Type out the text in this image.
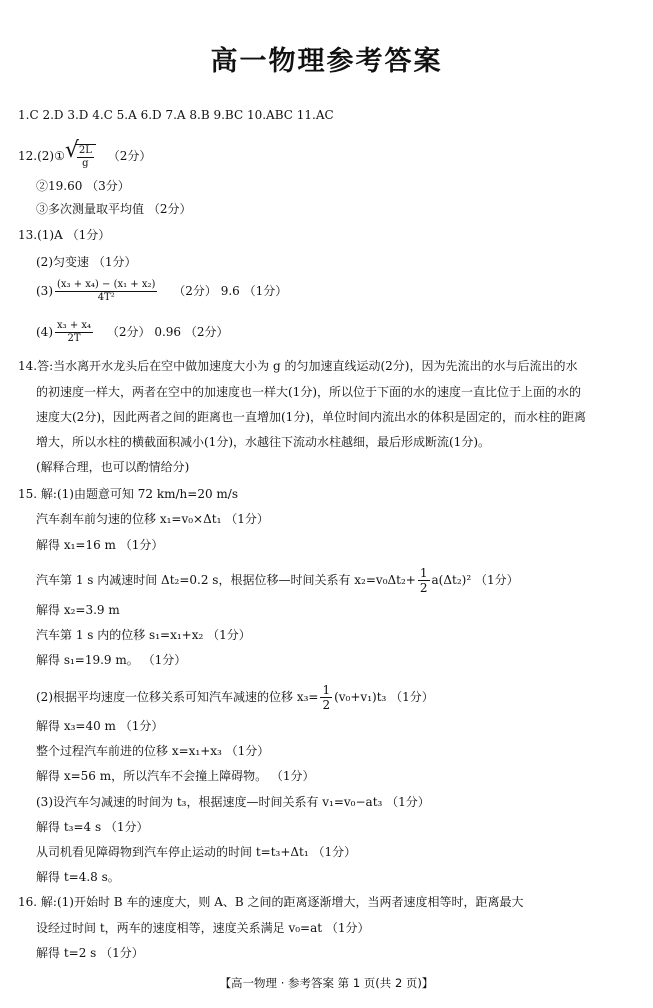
高一物理参考答案
1.C 2.D 3.D 4.C 5.A 6.D 7.A 8.B 9.BC 10.ABC 11.AC
12.(2)① √
$\frac{2L}{g} (2$分）
②19.60 （3分）
③多次测量取平均值 （2分）
13.(1)A （1分）
(2)匀变速 （1分）
$(3) \frac{\text{(x₃ + x₄) − (x₁ + x₂)}}{\text{4T²}} (2$分） 9.6 （1分）
$(4) \frac{\text{x₃ + x₄}}{2T} (2$分） 0.96 （2分）
14.答:当水离开水龙头后在空中做加速度大小为 g 的匀加速直线运动(2分)，因为先流出的水与后流出的水
的初速度一样大，两者在空中的加速度也一样大(1分)，所以位于下面的水的速度一直比位于上面的水的
速度大(2分)，因此两者之间的距离也一直增加(1分)，单位时间内流出水的体积是固定的，而水柱的距离
增大，所以水柱的横截面积减小(1分)，水越往下流动水柱越细，最后形成断流(1分)。
(解释合理，也可以酌情给分)
15. 解:(1)由题意可知 72 km/h=20 m/s
汽车刹车前匀速的位移 x₁=v₀×Δt₁ （1分）
解得 x₁=16 m （1分）
汽车第 1 s 内减速时间 Δt₂=0.2 s，根据位移—时间关系有 $x_2=v_0\Delta t_2+ \frac{1}{2} a(\Delta t_2)^2$ （1分）
解得 x₂=3.9 m
汽车第 1 s 内的位移 s₁=x₁+x₂ （1分）
解得 s₁=19.9 m。 （1分）
(2)根据平均速度一位移关系可知汽车减速的位移 $x_3= \frac{1}{2} (v_0+v_1)t_3$ （1分）
解得 x₃=40 m （1分）
整个过程汽车前进的位移 x=x₁+x₃ （1分）
解得 x=56 m，所以汽车不会撞上障碍物。 （1分）
(3)设汽车匀减速的时间为 t₃，根据速度—时间关系有 v₁=v₀−at₃ （1分）
解得 t₃=4 s （1分）
从司机看见障碍物到汽车停止运动的时间 t=t₃+Δt₁ （1分）
解得 t=4.8 s。
16. 解:(1)开始时 B 车的速度大，则 A、B 之间的距离逐渐增大，当两者速度相等时，距离最大
设经过时间 t，两车的速度相等，速度关系满足 v₀=at （1分）
解得 t=2 s （1分）
【高一物理 · 参考答案 第 1 页(共 2 页)】
